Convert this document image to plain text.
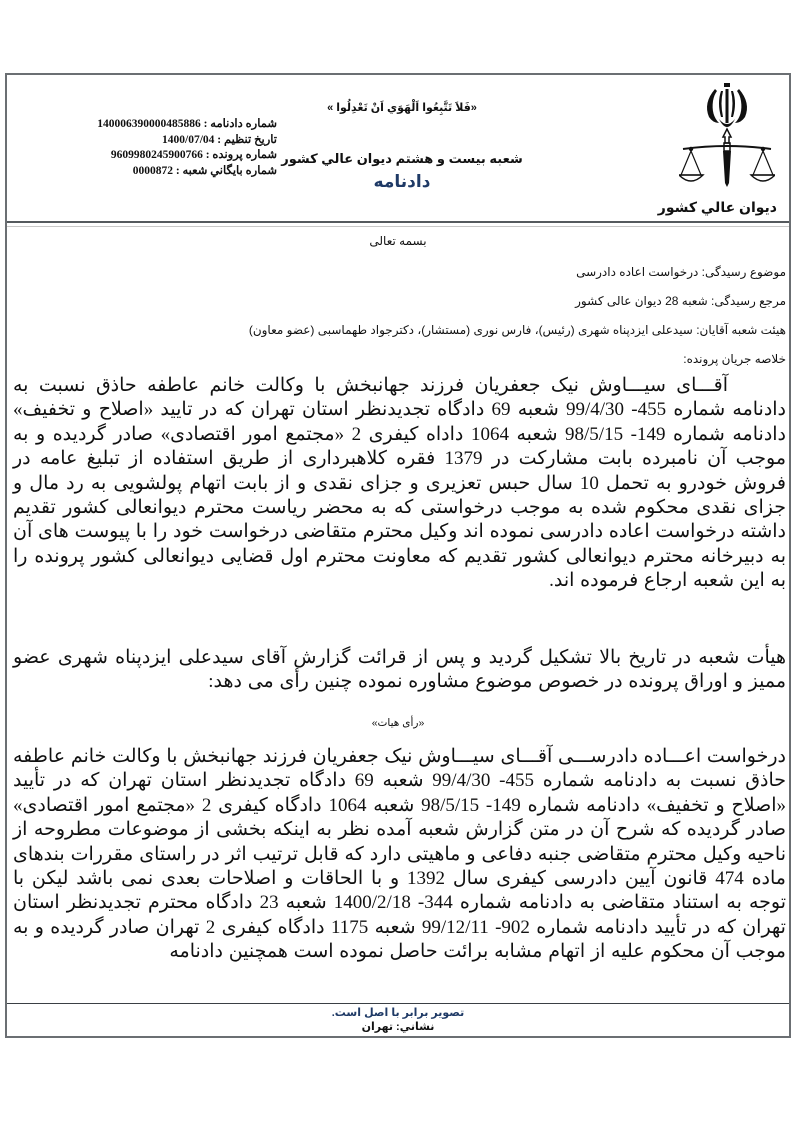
ديوان عالي كشور
«فَلاَ تَتَّبِعُوا اَلْهَوَي اَنْ تَعْدِلُوا »
شعبه بيست و هشتم ديوان عالي كشور
دادنامه
شماره دادنامه : 140006390000485886
تاريخ تنظيم : 1400/07/04
شماره پرونده : 9609980245900766
شماره بايگاني شعبه : 0000872
بسمه تعالی
موضوع رسیدگی: درخواست اعاده دادرسی
مرجع رسیدگی: شعبه 28 دیوان عالی کشور
هیئت شعبه آقایان: سیدعلی ایزدپناه شهری (رئیس)، فارس نوری (مستشار)، دکترجواد طهماسبی (عضو معاون)
خلاصه جریان پرونده:
آقـــای سیـــاوش نیک جعفریان فرزند جهانبخش با وکالت خانم عاطفه حاذق نسبت به دادنامه شماره 455- 99/4/30 شعبه 69 دادگاه تجدیدنظر استان تهران که در تایید «اصلاح و تخفیف» دادنامه شماره 149- 98/5/15 شعبه 1064 داداه کیفری 2 «مجتمع امور اقتصادی» صادر گردیده و به موجب آن نامبرده بابت مشارکت در 1379 فقره کلاهبرداری از طریق استفاده از تبلیغ عامه در فروش خودرو به تحمل 10 سال حبس تعزیری و جزای نقدی و از بابت اتهام پولشویی به رد مال و جزای نقدی محکوم شده به موجب درخواستی که به محضر ریاست محترم دیوانعالی کشور تقدیم داشته درخواست اعاده دادرسی نموده اند وکیل محترم متقاضی درخواست خود را با پیوست های آن به دبیرخانه محترم دیوانعالی کشور تقدیم که معاونت محترم اول قضایی دیوانعالی کشور پرونده را به این شعبه ارجاع فرموده اند.
هیأت شعبه در تاریخ بالا تشکیل گردید و پس از قرائت گزارش آقای سیدعلی ایزدپناه شهری عضو ممیز و اوراق پرونده در خصوص موضوع مشاوره نموده چنین رأی می دهد:
«رأی هیات»
درخواست اعـــاده دادرســـی آقـــای سیـــاوش نیک جعفریان فرزند جهانبخش با وکالت خانم عاطفه حاذق نسبت به دادنامه شماره 455- 99/4/30 شعبه 69 دادگاه تجدیدنظر استان تهران که در تأیید «اصلاح و تخفیف» دادنامه شماره 149- 98/5/15 شعبه 1064 دادگاه کیفری 2 «مجتمع امور اقتصادی» صادر گردیده که شرح آن در متن گزارش شعبه آمده نظر به اینکه بخشی از موضوعات مطروحه از ناحیه وکیل محترم متقاضی جنبه دفاعی و ماهیتی دارد که قابل ترتیب اثر در راستای مقررات بندهای ماده 474 قانون آیین دادرسی کیفری سال 1392 و با الحاقات و اصلاحات بعدی نمی باشد لیکن با توجه به استناد متقاضی به دادنامه شماره 344- 1400/2/18 شعبه 23 دادگاه محترم تجدیدنظر استان تهران که در تأیید دادنامه شماره 902- 99/12/11 شعبه 1175 دادگاه کیفری 2 تهران صادر گردیده و به موجب آن محکوم علیه از اتهام مشابه برائت حاصل نموده است همچنین دادنامه
تصوير برابر با اصل است.
نشاني: تهران
